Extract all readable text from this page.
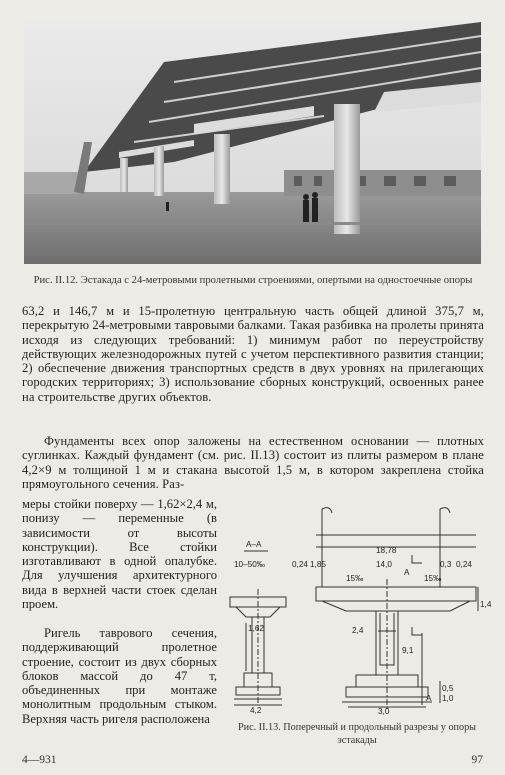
Рис. II.12. Эстакада с 24-метровыми пролетными строениями, опертыми на одностоечные опоры
63,2 и 146,7 м и 15-пролетную центральную часть общей длиной 375,7 м, перекрытую 24-метровыми тавровыми балками. Такая разбивка на пролеты принята исходя из следующих требований: 1) минимум работ по переустройству действующих железнодорожных путей с учетом перспективного развития станции; 2) обеспечение движения транспортных средств в двух уровнях на прилегающих городских территориях; 3) использование сборных конструкций, освоенных ранее на строительстве других объектов.
Фундаменты всех опор заложены на естественном основании — плотных суглинках. Каждый фундамент (см. рис. II.13) состоит из плиты размером в плане 4,2×9 м толщиной 1 м и стакана высотой 1,5 м, в котором закреплена стойка прямоугольного сечения. Раз-
меры стойки поверху — 1,62×2,4 м, понизу — переменные (в зависимости от высоты конструкции). Все стойки изготавливают в одной опалубке. Для улучшения архитектурного вида в верхней части стоек сделан проем.
Ригель таврового сечения, поддерживающий пролетное строение, состоит из двух сборных блоков массой до 47 т, объединенных при монтаже монолитным продольным стыком. Верхняя часть ригеля расположена
А–А
10–50‰
18,78
0,24 1,85	14,0	0,3 0,24
15‰	15‰
А
1,62	2,4
9,1
1,4
4,2	3,0
0,5
1,0
А
Рис. II.13. Поперечный и продольный разрезы у опоры эстакады
4—931	97
